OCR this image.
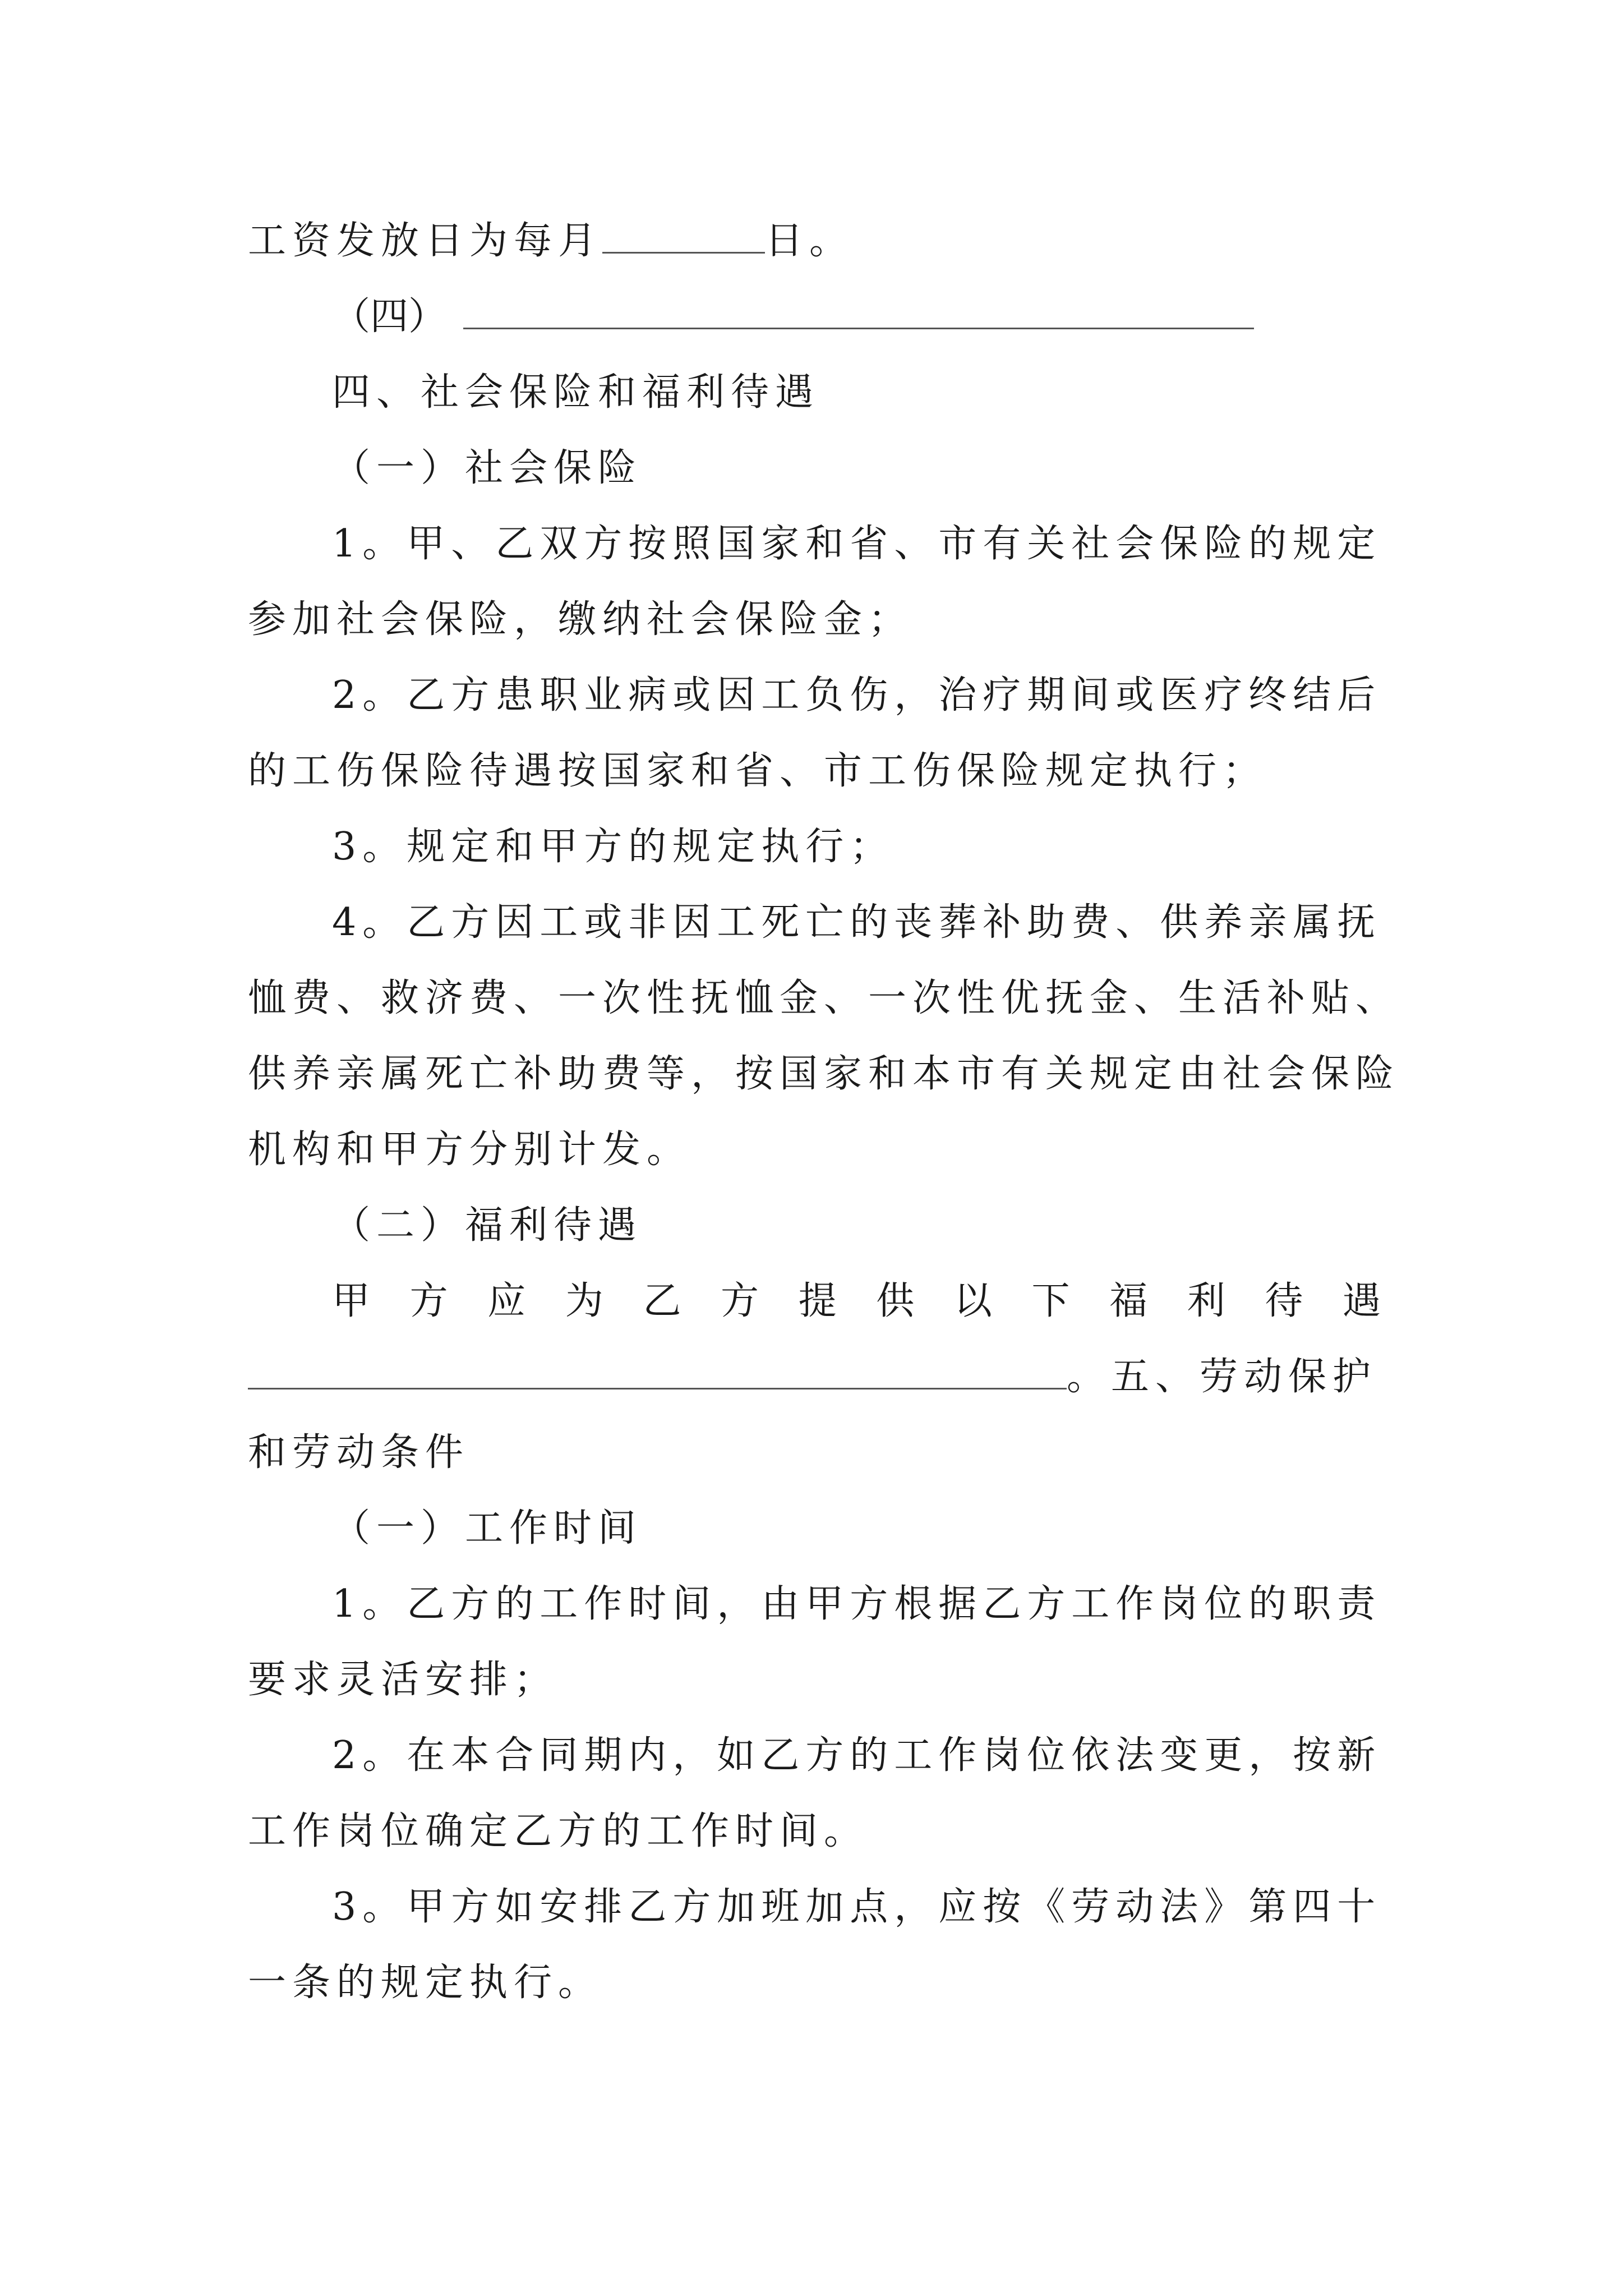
工资发放日为每月	日。
（四）
四、社会保险和福利待遇
（一）社会保险
1。甲、乙双方按照国家和省、市有关社会保险的规定
参加社会保险，缴纳社会保险金；
2。乙方患职业病或因工负伤，治疗期间或医疗终结后
的工伤保险待遇按国家和省、市工伤保险规定执行；
3。规定和甲方的规定执行；
4。乙方因工或非因工死亡的丧葬补助费、供养亲属抚
恤费、救济费、一次性抚恤金、一次性优抚金、生活补贴、
供养亲属死亡补助费等，按国家和本市有关规定由社会保险
机构和甲方分别计发。
（二）福利待遇
甲 方 应 为 乙 方 提 供 以 下 福 利 待 遇
。五、劳动保护
和劳动条件
（一）工作时间
1。乙方的工作时间，由甲方根据乙方工作岗位的职责
要求灵活安排；
2。在本合同期内，如乙方的工作岗位依法变更，按新
工作岗位确定乙方的工作时间。
3。甲方如安排乙方加班加点，应按《劳动法》第四十
一条的规定执行。
